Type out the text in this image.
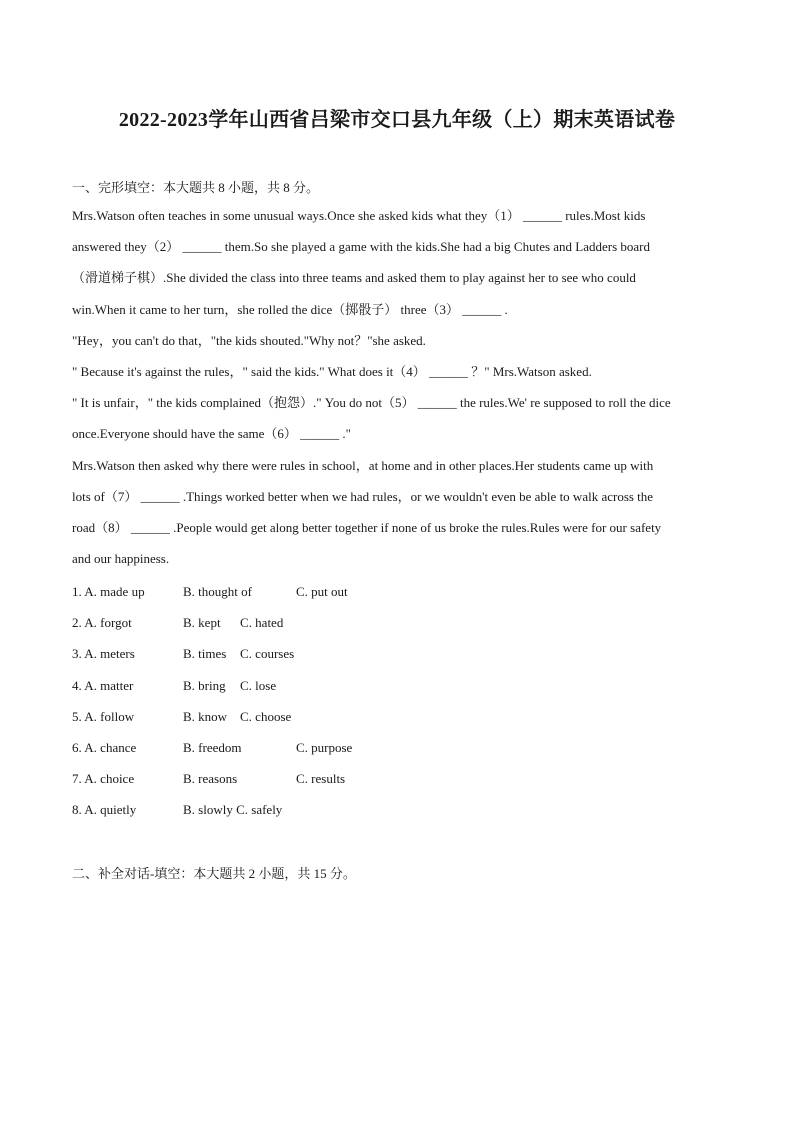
2022-2023学年山西省吕梁市交口县九年级（上）期末英语试卷
一、完形填空：本大题共 8 小题，共 8 分。
Mrs.Watson often teaches in some unusual ways.Once she asked kids what they（1） ______ rules.Most kids
answered they（2） ______ them.So she played a game with the kids.She had a big Chutes and Ladders board
（滑道梯子棋）.She divided the class into three teams and asked them to play against her to see who could
win.When it came to her turn，she rolled the dice（掷骰子） three（3） ______ .
"Hey，you can't do that，"the kids shouted."Why not？"she asked.
" Because it's against the rules，" said the kids." What does it（4） ______ ？" Mrs.Watson asked.
" It is unfair，" the kids complained（抱怨）." You do not（5） ______ the rules.We' re supposed to roll the dice
once.Everyone should have the same（6） ______ ."
Mrs.Watson then asked why there were rules in school，at home and in other places.Her students came up with
lots of（7） ______ .Things worked better when we had rules，or we wouldn't even be able to walk across the
road（8） ______ .People would get along better together if none of us broke the rules.Rules were for our safety
and our happiness.
1. A. made up	B. thought of	C. put out
2. A. forgot	B. kept C. hated
3. A. meters	B. times C. courses
4. A. matter	B. bring C. lose
5. A. follow	B. know C. choose
6. A. chance	B. freedom	C. purpose
7. A. choice	B. reasons	C. results
8. A. quietly	B. slowly C. safely
二、补全对话-填空：本大题共 2 小题，共 15 分。
